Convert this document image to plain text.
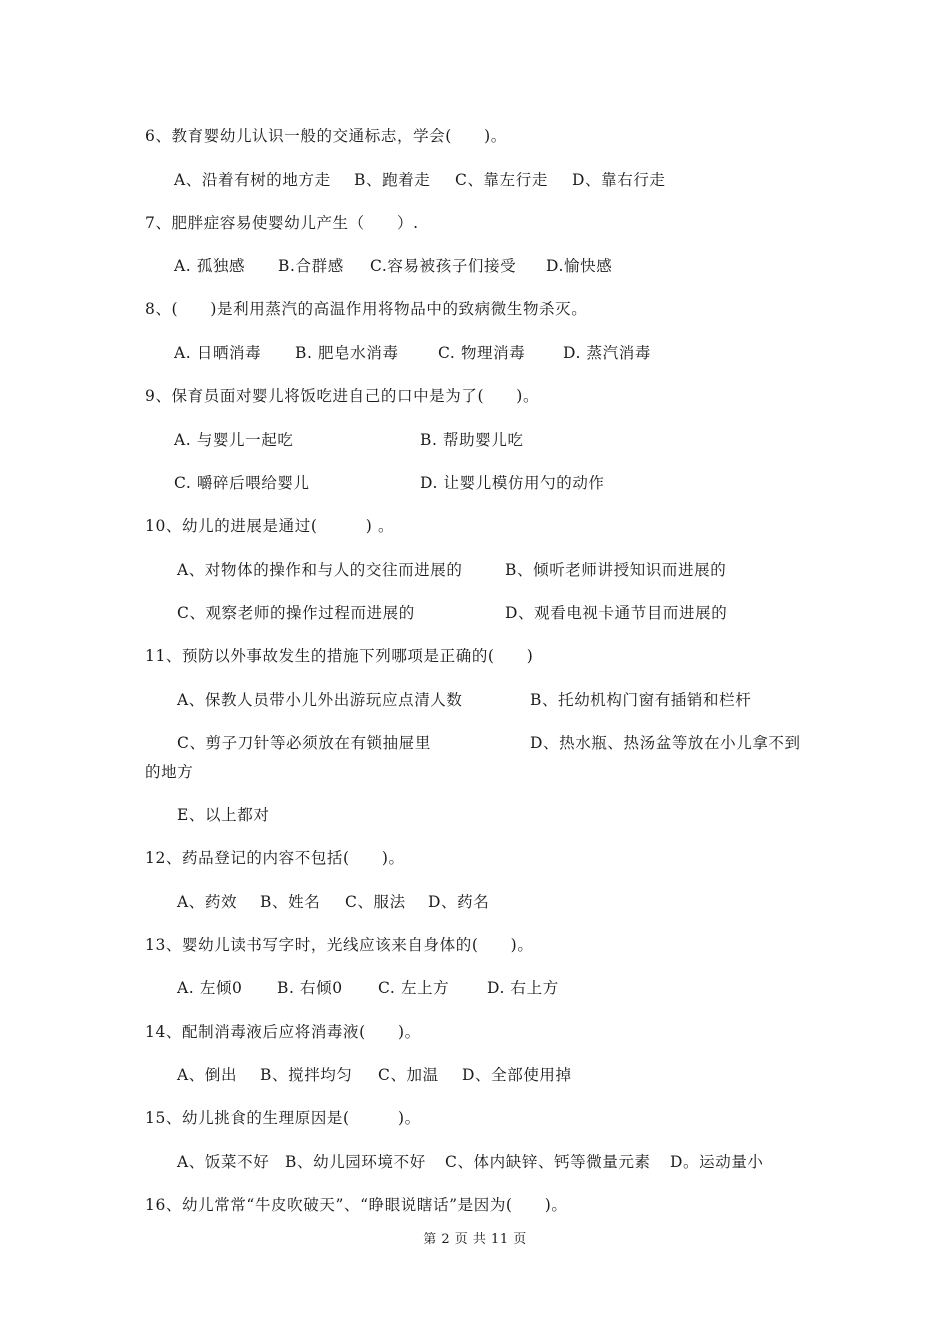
6、教育婴幼儿认识一般的交通标志，学会(　　)。
A、沿着有树的地方走 B、跑着走 C、靠左行走 D、靠右行走
7、肥胖症容易使婴幼儿产生（　　）.
A. 孤独感 B.合群感 C.容易被孩子们接受 D.愉快感
8、(　　)是利用蒸汽的高温作用将物品中的致病微生物杀灭。
A. 日晒消毒 B. 肥皂水消毒	C. 物理消毒 D. 蒸汽消毒
9、保育员面对婴儿将饭吃进自己的口中是为了(　　)。
A. 与婴儿一起吃	B. 帮助婴儿吃
C. 嚼碎后喂给婴儿	D. 让婴儿模仿用勺的动作
10、幼儿的进展是通过(　　　) 。
A、对物体的操作和与人的交往而进展的	B、倾听老师讲授知识而进展的
C、观察老师的操作过程而进展的	D、观看电视卡通节目而进展的
11、预防以外事故发生的措施下列哪项是正确的(　　)
A、保教人员带小儿外出游玩应点清人数	B、托幼机构门窗有插销和栏杆
C、剪子刀针等必须放在有锁抽屉里	D、热水瓶、热汤盆等放在小儿拿不到
的地方
E、以上都对
12、药品登记的内容不包括(　　)。
A、药效 B、姓名 C、服法 D、药名
13、婴幼儿读书写字时，光线应该来自身体的(　　)。
A. 左倾0 B. 右倾0 C. 左上方 D. 右上方
14、配制消毒液后应将消毒液(　　)。
A、倒出 B、搅拌均匀 C、加温 D、全部使用掉
15、幼儿挑食的生理原因是(　　　)。
A、饭菜不好 B、幼儿园环境不好 C、体内缺锌、钙等微量元素 D。运动量小
16、幼儿常常“牛皮吹破天”、“睁眼说瞎话”是因为(　　)。
第 2 页 共 11 页
